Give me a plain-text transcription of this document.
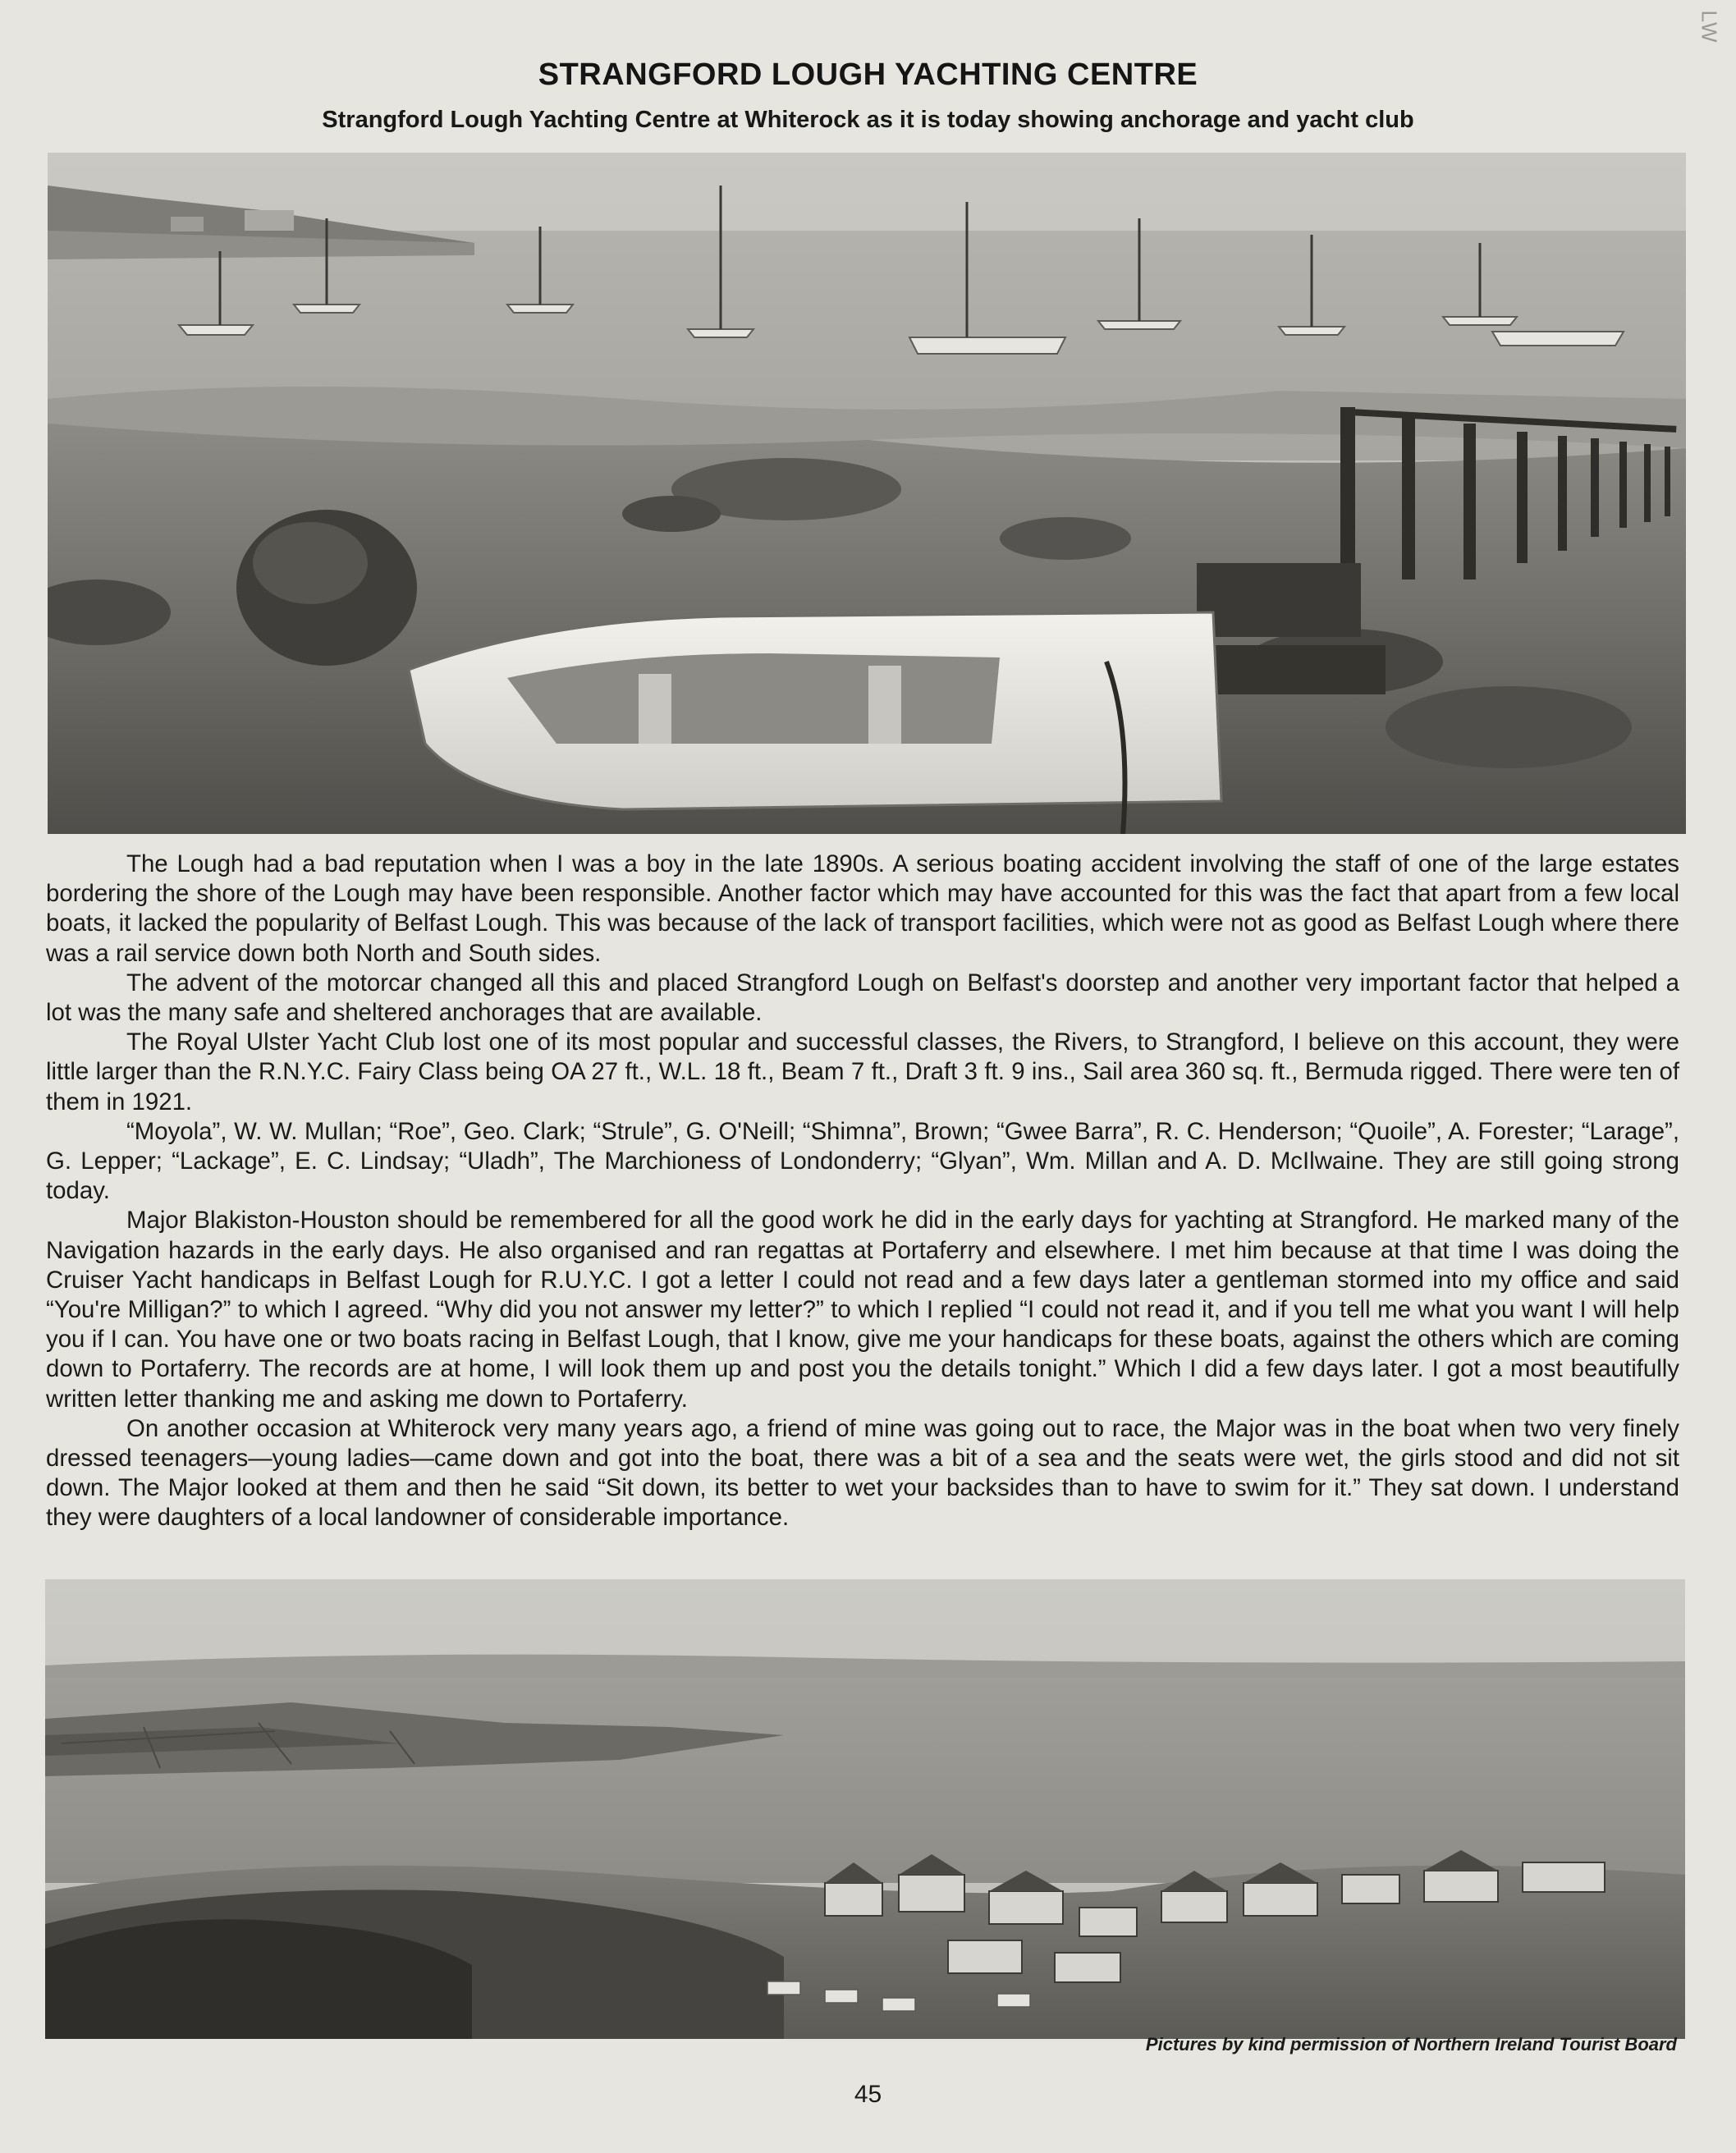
LW
STRANGFORD LOUGH YACHTING CENTRE
Strangford Lough Yachting Centre at Whiterock as it is today showing anchorage and yacht club

The Lough had a bad reputation when I was a boy in the late 1890s. A serious boating accident involving the staff of one of the large estates bordering the shore of the Lough may have been responsible. Another factor which may have accounted for this was the fact that apart from a few local boats, it lacked the popularity of Belfast Lough. This was because of the lack of transport facilities, which were not as good as Belfast Lough where there was a rail service down both North and South sides.

The advent of the motorcar changed all this and placed Strangford Lough on Belfast's doorstep and another very important factor that helped a lot was the many safe and sheltered anchorages that are available.

The Royal Ulster Yacht Club lost one of its most popular and successful classes, the Rivers, to Strangford, I believe on this account, they were little larger than the R.N.Y.C. Fairy Class being OA 27 ft., W.L. 18 ft., Beam 7 ft., Draft 3 ft. 9 ins., Sail area 360 sq. ft., Bermuda rigged. There were ten of them in 1921.

“Moyola”, W. W. Mullan; “Roe”, Geo. Clark; “Strule”, G. O'Neill; “Shimna”, Brown; “Gwee Barra”, R. C. Henderson; “Quoile”, A. Forester; “Larage”, G. Lepper; “Lackage”, E. C. Lindsay; “Uladh”, The Marchioness of Londonderry; “Glyan”, Wm. Millan and A. D. McIlwaine. They are still going strong today.

Major Blakiston-Houston should be remembered for all the good work he did in the early days for yachting at Strangford. He marked many of the Navigation hazards in the early days. He also organised and ran regattas at Portaferry and elsewhere. I met him because at that time I was doing the Cruiser Yacht handicaps in Belfast Lough for R.U.Y.C. I got a letter I could not read and a few days later a gentleman stormed into my office and said “You're Milligan?” to which I agreed. “Why did you not answer my letter?” to which I replied “I could not read it, and if you tell me what you want I will help you if I can. You have one or two boats racing in Belfast Lough, that I know, give me your handicaps for these boats, against the others which are coming down to Portaferry. The records are at home, I will look them up and post you the details tonight.” Which I did a few days later. I got a most beautifully written letter thanking me and asking me down to Portaferry.

On another occasion at Whiterock very many years ago, a friend of mine was going out to race, the Major was in the boat when two very finely dressed teenagers—young ladies—came down and got into the boat, there was a bit of a sea and the seats were wet, the girls stood and did not sit down. The Major looked at them and then he said “Sit down, its better to wet your backsides than to have to swim for it.” They sat down. I understand they were daughters of a local landowner of considerable importance.

Pictures by kind permission of Northern Ireland Tourist Board
45
